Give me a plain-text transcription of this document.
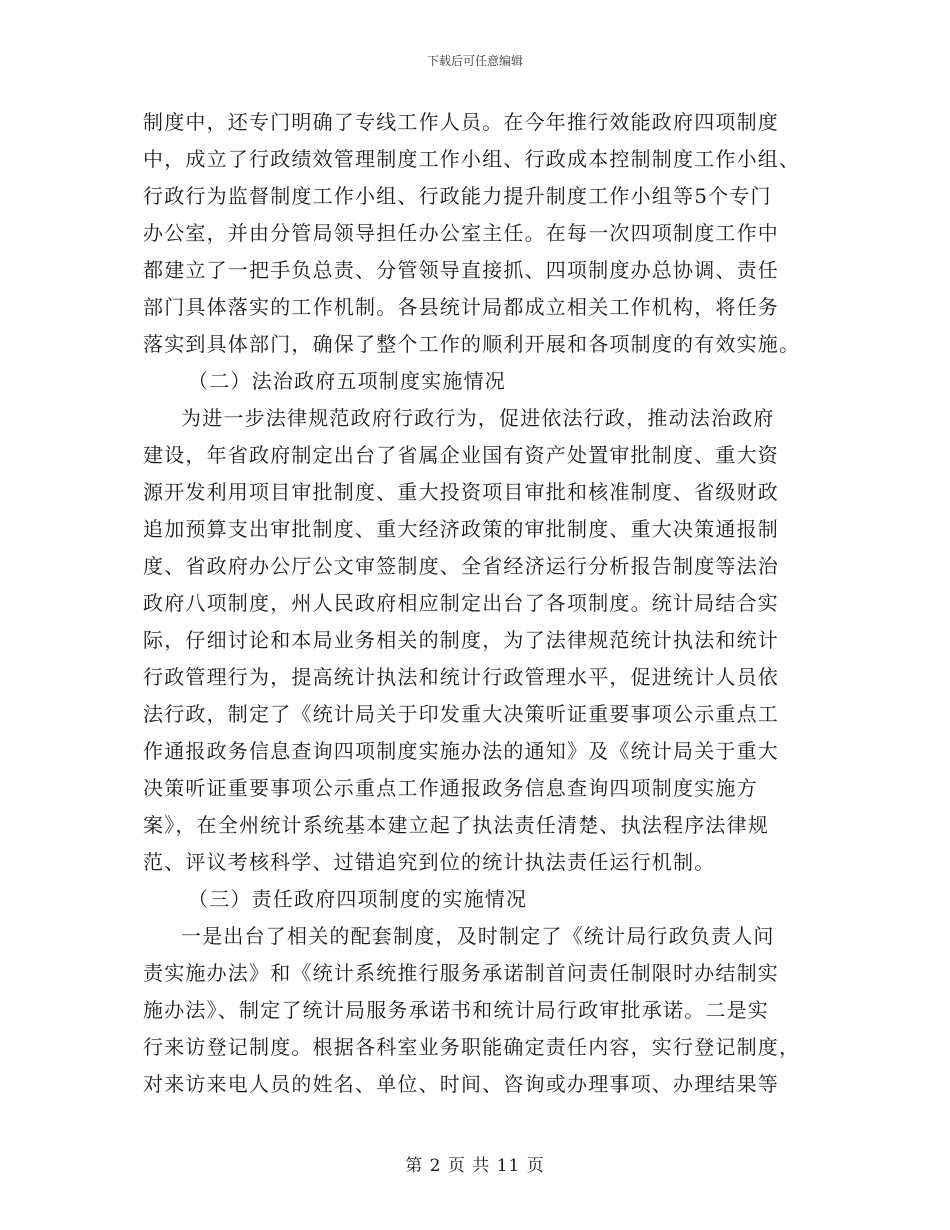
下载后可任意编辑
制度中，还专门明确了专线工作人员。在今年推行效能政府四项制度
中，成立了行政绩效管理制度工作小组、行政成本控制制度工作小组、
行政行为监督制度工作小组、行政能力提升制度工作小组等5个专门
办公室，并由分管局领导担任办公室主任。在每一次四项制度工作中
都建立了一把手负总责、分管领导直接抓、四项制度办总协调、责任
部门具体落实的工作机制。各县统计局都成立相关工作机构，将任务
落实到具体部门，确保了整个工作的顺利开展和各项制度的有效实施。
（二）法治政府五项制度实施情况
为进一步法律规范政府行政行为，促进依法行政，推动法治政府
建设，年省政府制定出台了省属企业国有资产处置审批制度、重大资
源开发利用项目审批制度、重大投资项目审批和核准制度、省级财政
追加预算支出审批制度、重大经济政策的审批制度、重大决策通报制
度、省政府办公厅公文审签制度、全省经济运行分析报告制度等法治
政府八项制度，州人民政府相应制定出台了各项制度。统计局结合实
际，仔细讨论和本局业务相关的制度，为了法律规范统计执法和统计
行政管理行为，提高统计执法和统计行政管理水平，促进统计人员依
法行政，制定了《统计局关于印发重大决策听证重要事项公示重点工
作通报政务信息查询四项制度实施办法的通知》及《统计局关于重大
决策听证重要事项公示重点工作通报政务信息查询四项制度实施方
案》，在全州统计系统基本建立起了执法责任清楚、执法程序法律规
范、评议考核科学、过错追究到位的统计执法责任运行机制。
（三）责任政府四项制度的实施情况
一是出台了相关的配套制度，及时制定了《统计局行政负责人问
责实施办法》和《统计系统推行服务承诺制首问责任制限时办结制实
施办法》、制定了统计局服务承诺书和统计局行政审批承诺。二是实
行来访登记制度。根据各科室业务职能确定责任内容，实行登记制度，
对来访来电人员的姓名、单位、时间、咨询或办理事项、办理结果等
第 2 页 共 11 页
